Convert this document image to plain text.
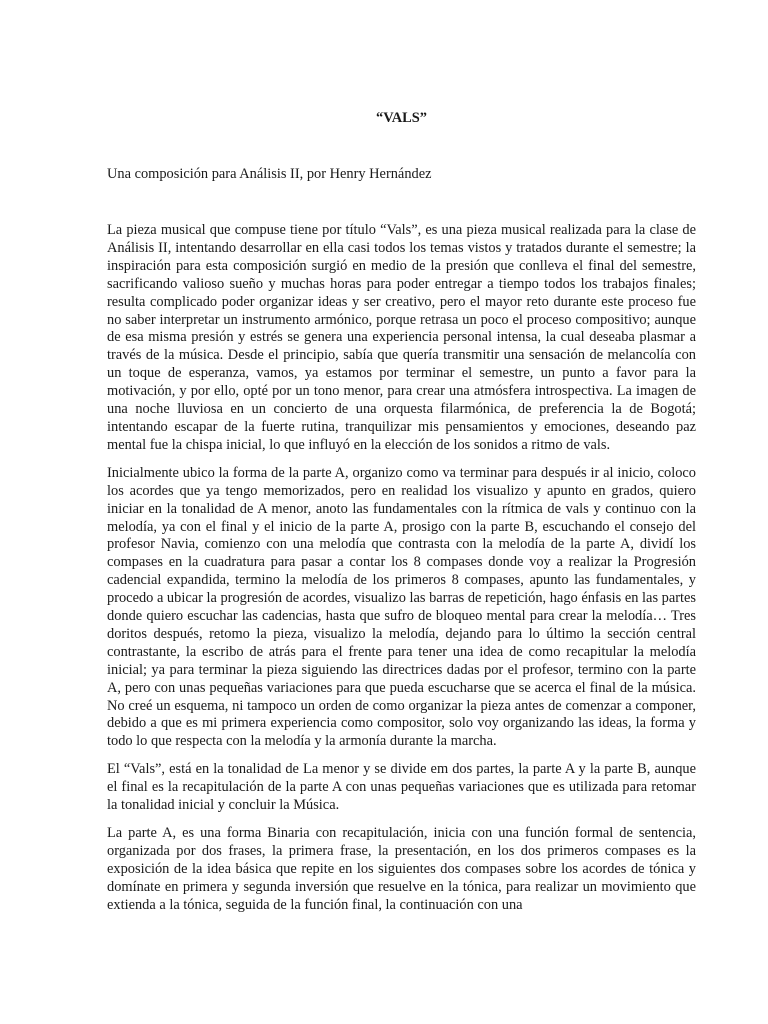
“VALS”

Una composición para Análisis II, por Henry Hernández

La pieza musical que compuse tiene por título “Vals”, es una pieza musical realizada para la clase de Análisis II, intentando desarrollar en ella casi todos los temas vistos y tratados durante el semestre; la inspiración para esta composición surgió en medio de la presión que conlleva el final del semestre, sacrificando valioso sueño y muchas horas para poder entregar a tiempo todos los trabajos finales; resulta complicado poder organizar ideas y ser creativo, pero el mayor reto durante este proceso fue no saber interpretar un instrumento armónico, porque retrasa un poco el proceso compositivo; aunque de esa misma presión y estrés se genera una experiencia personal intensa, la cual deseaba plasmar a través de la música. Desde el principio, sabía que quería transmitir una sensación de melancolía con un toque de esperanza, vamos, ya estamos por terminar el semestre, un punto a favor para la motivación, y por ello, opté por un tono menor, para crear una atmósfera introspectiva. La imagen de una noche lluviosa en un concierto de una orquesta filarmónica, de preferencia la de Bogotá; intentando escapar de la fuerte rutina, tranquilizar mis pensamientos y emociones, deseando paz mental fue la chispa inicial, lo que influyó en la elección de los sonidos a ritmo de vals.

Inicialmente ubico la forma de la parte A, organizo como va terminar para después ir al inicio, coloco los acordes que ya tengo memorizados, pero en realidad los visualizo y apunto en grados, quiero iniciar en la tonalidad de A menor, anoto las fundamentales con la rítmica de vals y continuo con la melodía, ya con el final y el inicio de la parte A, prosigo con la parte B, escuchando el consejo del profesor Navia, comienzo con una melodía que contrasta con la melodía de la parte A, dividí los compases en la cuadratura para pasar a contar los 8 compases donde voy a realizar la Progresión cadencial expandida, termino la melodía de los primeros 8 compases, apunto las fundamentales, y procedo a ubicar la progresión de acordes, visualizo las barras de repetición, hago énfasis en las partes donde quiero escuchar las cadencias, hasta que sufro de bloqueo mental para crear la melodía… Tres doritos después, retomo la pieza, visualizo la melodía, dejando para lo último la sección central contrastante, la escribo de atrás para el frente para tener una idea de como recapitular la melodía inicial; ya para terminar la pieza siguiendo las directrices dadas por el profesor, termino con la parte A, pero con unas pequeñas variaciones para que pueda escucharse que se acerca el final de la música. No creé un esquema, ni tampoco un orden de como organizar la pieza antes de comenzar a componer, debido a que es mi primera experiencia como compositor, solo voy organizando las ideas, la forma y todo lo que respecta con la melodía y la armonía durante la marcha.

El “Vals”, está en la tonalidad de La menor y se divide em dos partes, la parte A y la parte B, aunque el final es la recapitulación de la parte A con unas pequeñas variaciones que es utilizada para retomar la tonalidad inicial y concluir la Música.

La parte A, es una forma Binaria con recapitulación, inicia con una función formal de sentencia, organizada por dos frases, la primera frase, la presentación, en los dos primeros compases es la exposición de la idea básica que repite en los siguientes dos compases sobre los acordes de tónica y domínate en primera y segunda inversión que resuelve en la tónica, para realizar un movimiento que extienda a la tónica, seguida de la función final, la continuación con una
